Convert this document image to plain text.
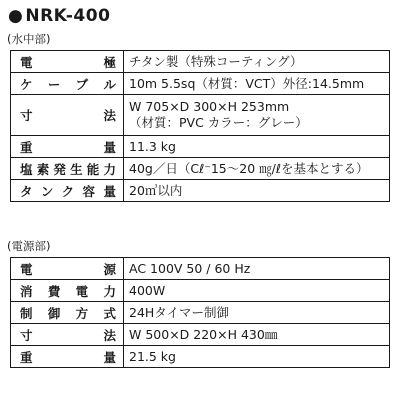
● NRK-400
(水中部)
電　　　極	チタン製（特殊コーティング）

ケ ー ブ ル	10m 5.5sq（材質：VCT）外径:14.5mm

寸　　　法	W 705×D 300×H 253mm
（材質：PVC カラー：グレー）

重　　　量	11.3 kg

塩素発生能力	40g／日（Cℓ⁻15〜20 ㎎/ℓを基本とする）

タンク容量	20㎥以内
(電源部)
電　　　源	AC 100V 50 / 60 Hz

消費電力	400W

制御方式	24Hタイマー制御

寸　　　法	W 500×D 220×H 430㎜

重　　　量	21.5 kg
